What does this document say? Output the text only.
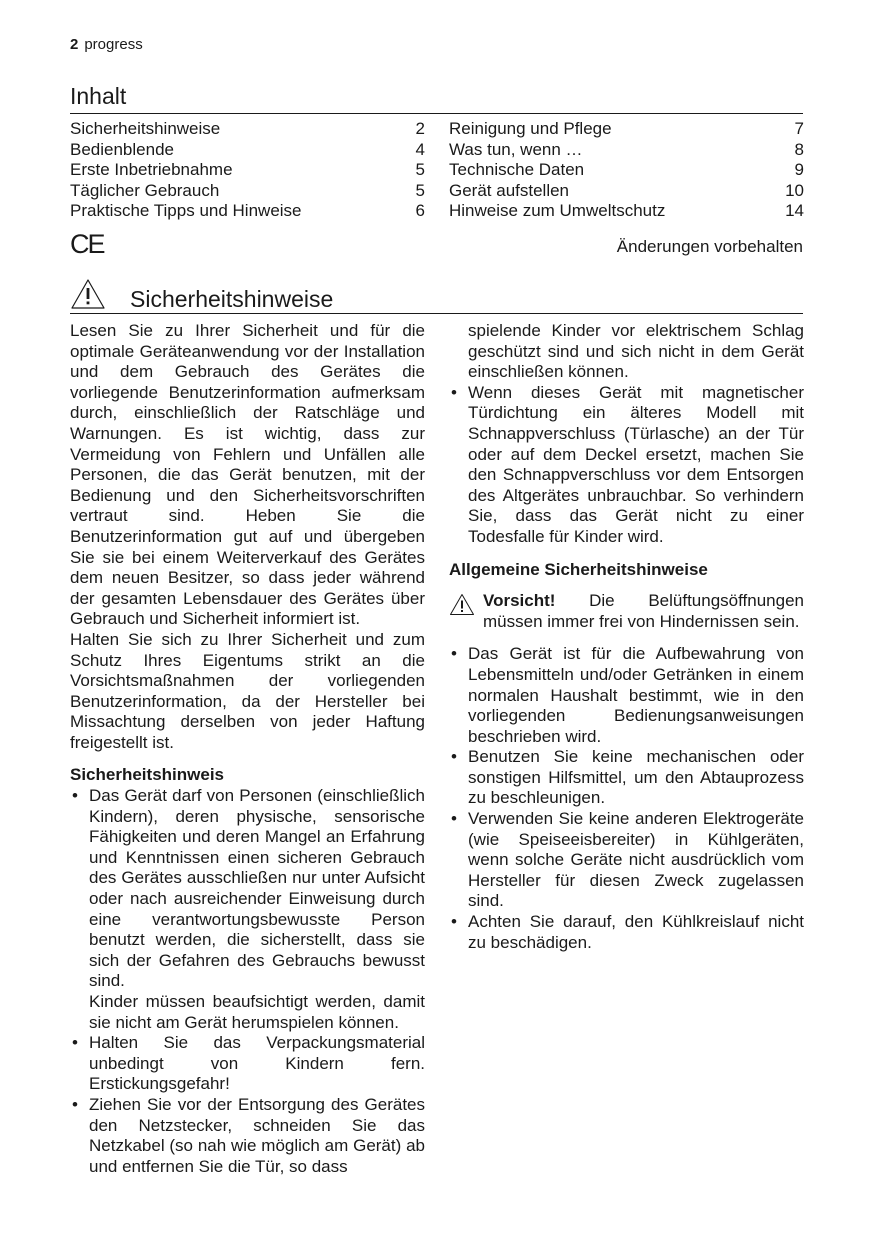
2 progress
Inhalt
Sicherheitshinweise	2
Bedienblende	4
Erste Inbetriebnahme	5
Täglicher Gebrauch	5
Praktische Tipps und Hinweise	6
Reinigung und Pflege	7
Was tun, wenn …	8
Technische Daten	9
Gerät aufstellen	10
Hinweise zum Umweltschutz	14
CE	Änderungen vorbehalten
Sicherheitshinweise

Lesen Sie zu Ihrer Sicherheit und für die optimale Geräteanwendung vor der Installation und dem Gebrauch des Gerätes die vorliegende Benutzerinformation aufmerksam durch, einschließlich der Ratschläge und Warnungen. Es ist wichtig, dass zur Vermeidung von Fehlern und Unfällen alle Personen, die das Gerät benutzen, mit der Bedienung und den Sicherheitsvorschriften vertraut sind. Heben Sie die Benutzerinformation gut auf und übergeben Sie sie bei einem Weiterverkauf des Gerätes dem neuen Besitzer, so dass jeder während der gesamten Lebensdauer des Gerätes über Gebrauch und Sicherheit informiert ist.

Halten Sie sich zu Ihrer Sicherheit und zum Schutz Ihres Eigentums strikt an die Vorsichtsmaßnahmen der vorliegenden Benutzerinformation, da der Hersteller bei Missachtung derselben von jeder Haftung freigestellt ist.

Sicherheitshinweis
• Das Gerät darf von Personen (einschließlich Kindern), deren physische, sensorische Fähigkeiten und deren Mangel an Erfahrung und Kenntnissen einen sicheren Gebrauch des Gerätes ausschließen nur unter Aufsicht oder nach ausreichender Einweisung durch eine verantwortungsbewusste Person benutzt werden, die sicherstellt, dass sie sich der Gefahren des Gebrauchs bewusst sind.
Kinder müssen beaufsichtigt werden, damit sie nicht am Gerät herumspielen können.
• Halten Sie das Verpackungsmaterial unbedingt von Kindern fern. Erstickungsgefahr!
• Ziehen Sie vor der Entsorgung des Gerätes den Netzstecker, schneiden Sie das Netzkabel (so nah wie möglich am Gerät) ab und entfernen Sie die Tür, so dass

spielende Kinder vor elektrischem Schlag geschützt sind und sich nicht in dem Gerät einschließen können.

• Wenn dieses Gerät mit magnetischer Türdichtung ein älteres Modell mit Schnappverschluss (Türlasche) an der Tür oder auf dem Deckel ersetzt, machen Sie den Schnappverschluss vor dem Entsorgen des Altgerätes unbrauchbar. So verhindern Sie, dass das Gerät nicht zu einer Todesfalle für Kinder wird.
Allgemeine Sicherheitshinweise
Vorsicht! Die Belüftungsöffnungen müssen immer frei von Hindernissen sein.
• Das Gerät ist für die Aufbewahrung von Lebensmitteln und/oder Getränken in einem normalen Haushalt bestimmt, wie in den vorliegenden Bedienungsanweisungen beschrieben wird.
• Benutzen Sie keine mechanischen oder sonstigen Hilfsmittel, um den Abtauprozess zu beschleunigen.
• Verwenden Sie keine anderen Elektrogeräte (wie Speiseeisbereiter) in Kühlgeräten, wenn solche Geräte nicht ausdrücklich vom Hersteller für diesen Zweck zugelassen sind.
• Achten Sie darauf, den Kühlkreislauf nicht zu beschädigen.
